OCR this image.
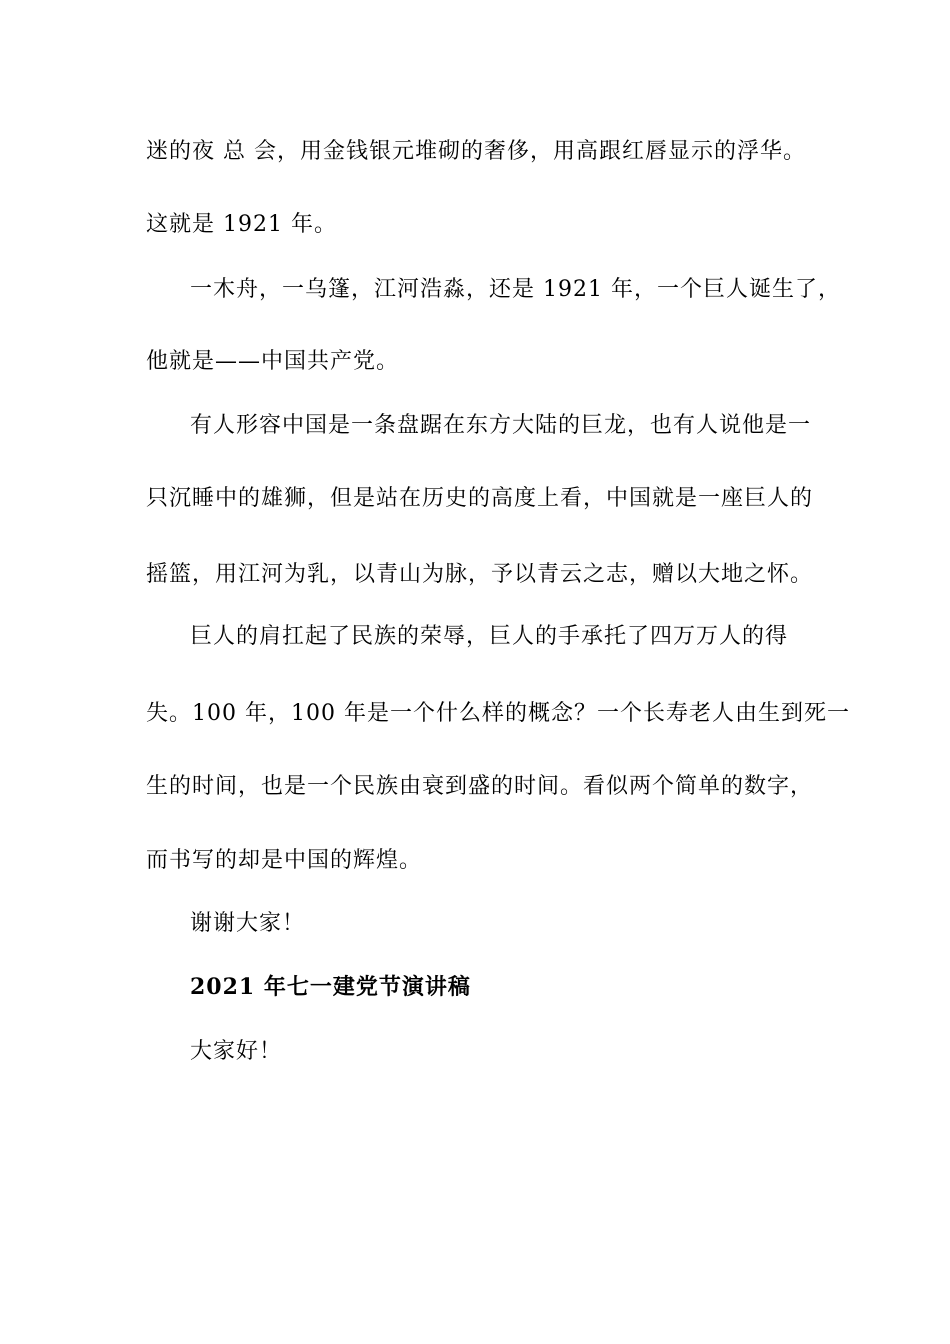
迷的夜 总 会，用金钱银元堆砌的奢侈，用高跟红唇显示的浮华。
这就是 1921 年。
一木舟，一乌篷，江河浩淼，还是 1921 年，一个巨人诞生了，
他就是——中国共产党。
有人形容中国是一条盘踞在东方大陆的巨龙，也有人说他是一
只沉睡中的雄狮，但是站在历史的高度上看，中国就是一座巨人的
摇篮，用江河为乳，以青山为脉，予以青云之志，赠以大地之怀。
巨人的肩扛起了民族的荣辱，巨人的手承托了四万万人的得
失。100 年，100 年是一个什么样的概念？一个长寿老人由生到死一
生的时间，也是一个民族由衰到盛的时间。看似两个简单的数字，
而书写的却是中国的辉煌。
谢谢大家！
2021 年七一建党节演讲稿
大家好！
